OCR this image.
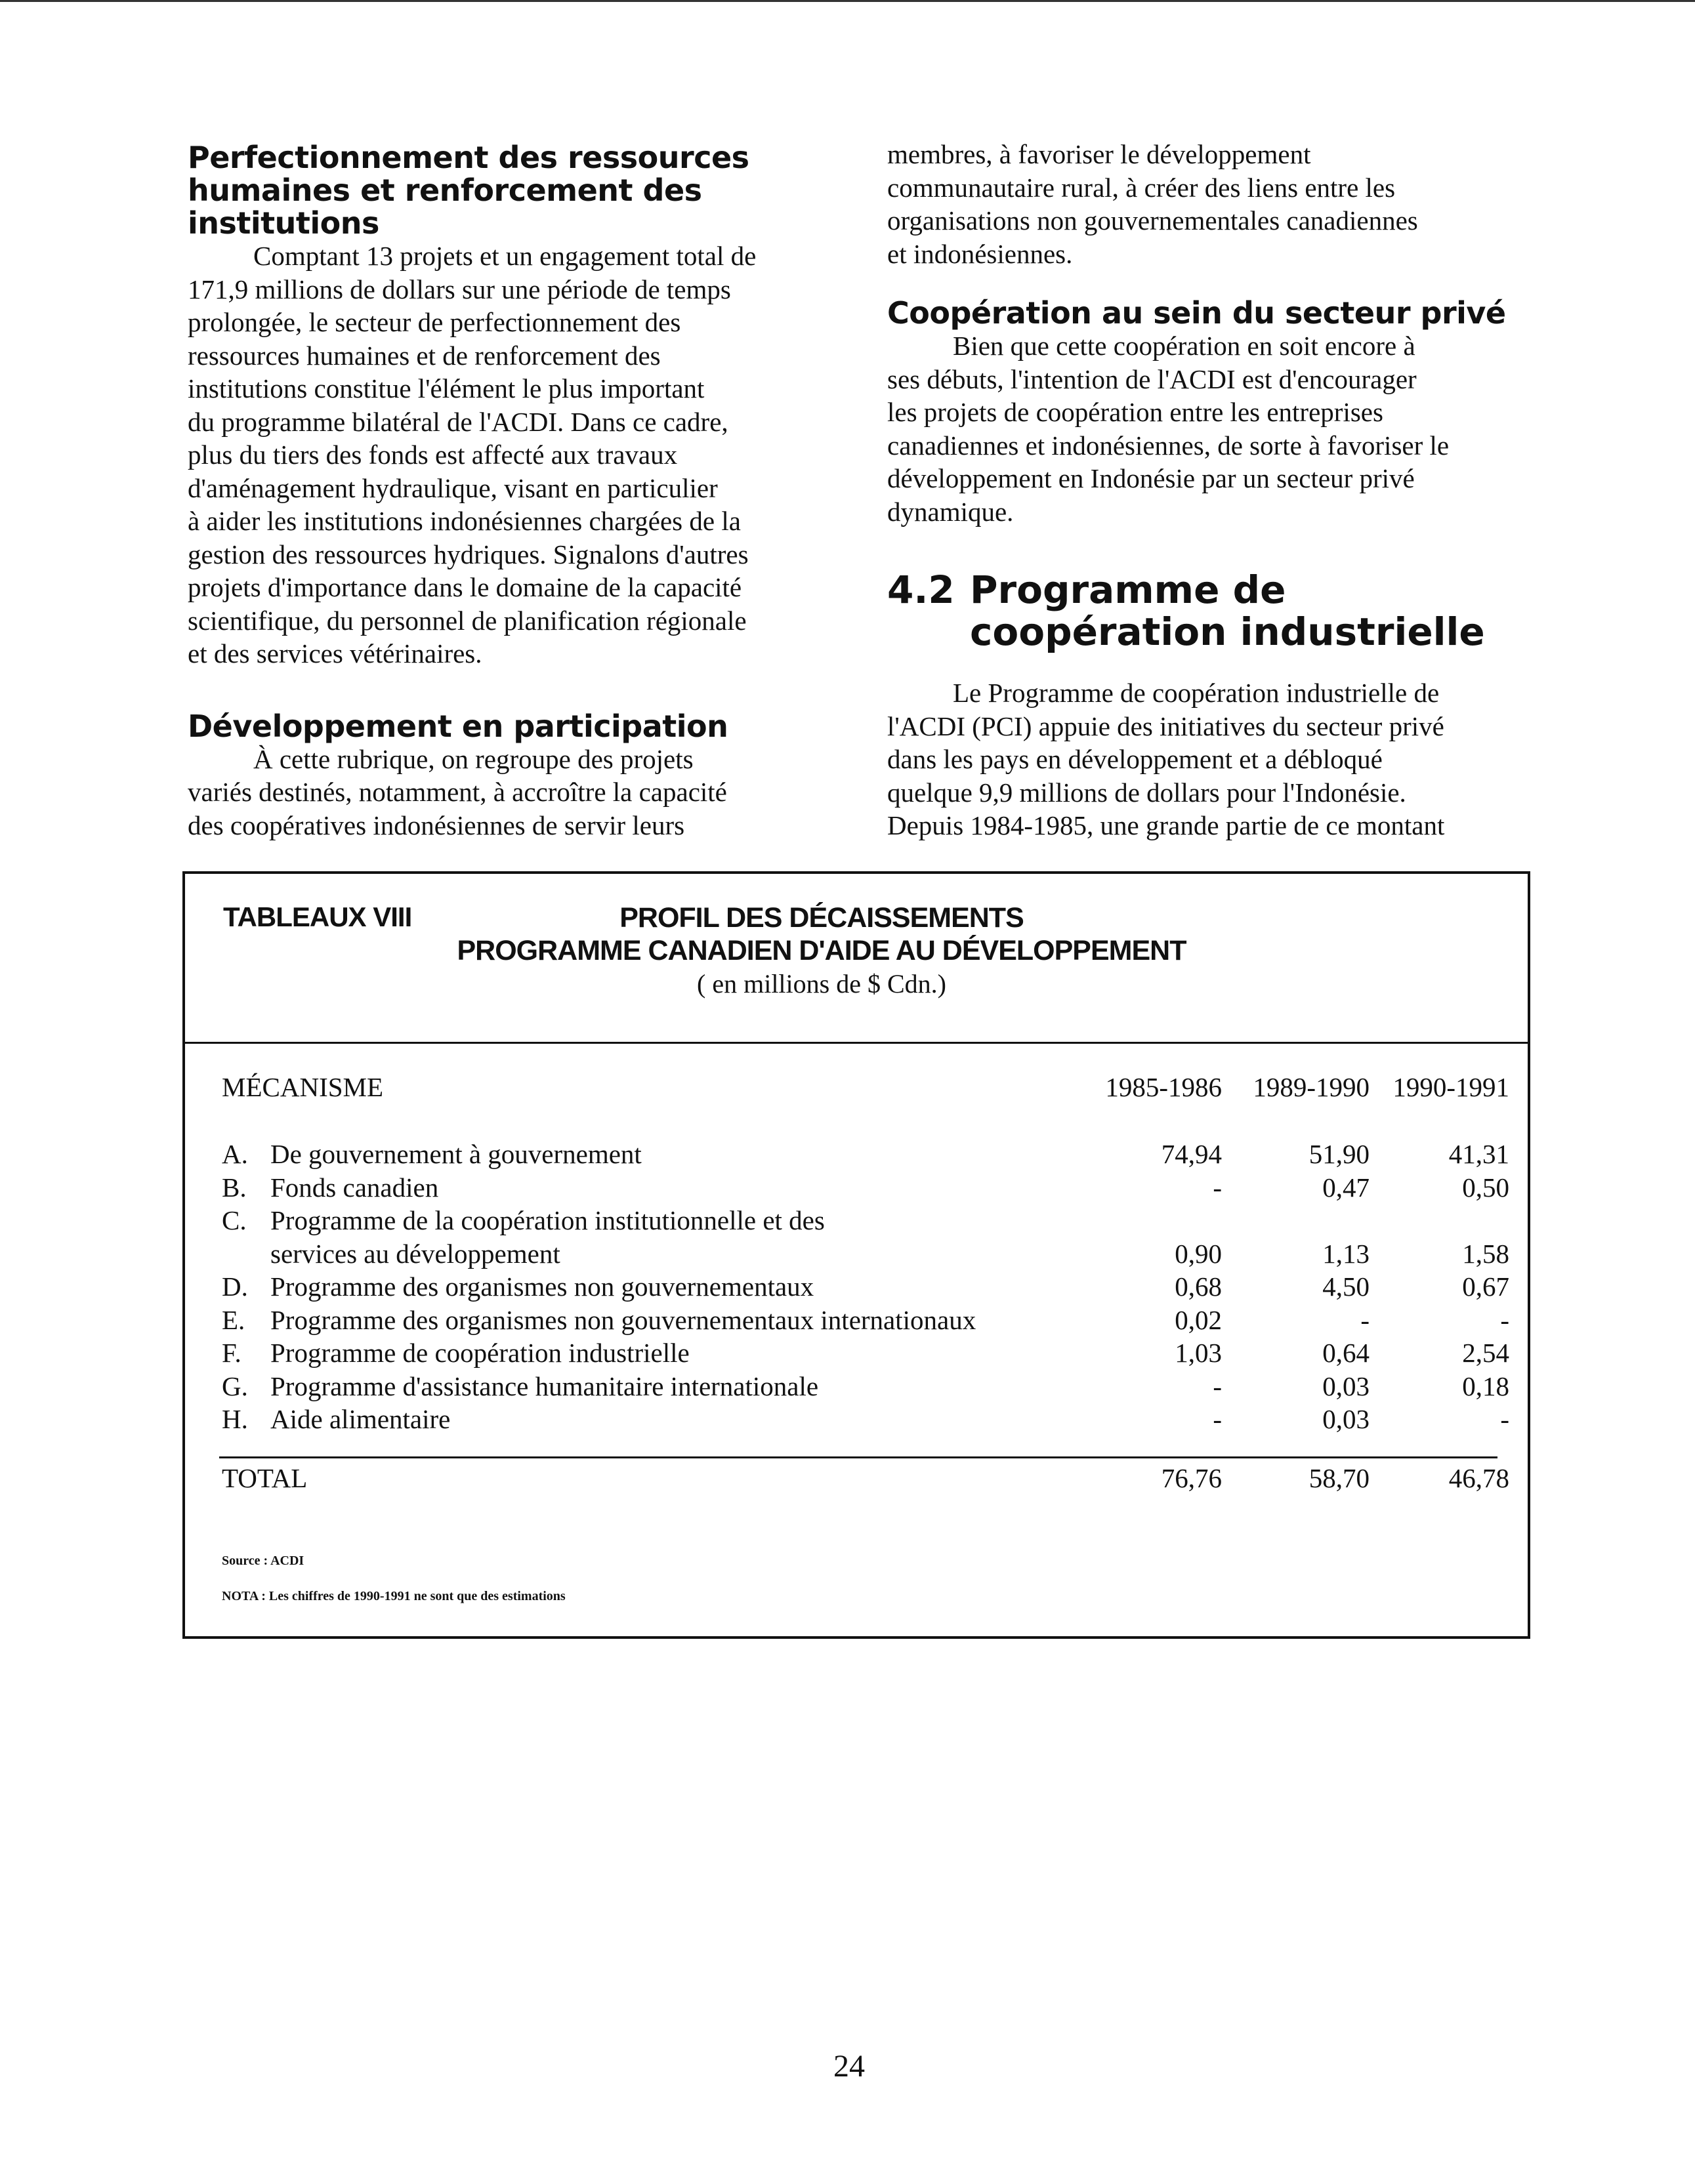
Perfectionnement des ressources
humaines et renforcement des
institutions
Comptant 13 projets et un engagement total de
171,9 millions de dollars sur une période de temps
prolongée, le secteur de perfectionnement des
ressources humaines et de renforcement des
institutions constitue l'élément le plus important
du programme bilatéral de l'ACDI. Dans ce cadre,
plus du tiers des fonds est affecté aux travaux
d'aménagement hydraulique, visant en particulier
à aider les institutions indonésiennes chargées de la
gestion des ressources hydriques. Signalons d'autres
projets d'importance dans le domaine de la capacité
scientifique, du personnel de planification régionale
et des services vétérinaires.
Développement en participation
À cette rubrique, on regroupe des projets
variés destinés, notamment, à accroître la capacité
des coopératives indonésiennes de servir leurs
membres, à favoriser le développement
communautaire rural, à créer des liens entre les
organisations non gouvernementales canadiennes
et indonésiennes.
Coopération au sein du secteur privé
Bien que cette coopération en soit encore à
ses débuts, l'intention de l'ACDI est d'encourager
les projets de coopération entre les entreprises
canadiennes et indonésiennes, de sorte à favoriser le
développement en Indonésie par un secteur privé
dynamique.
4.2 Programme de
coopération industrielle
Le Programme de coopération industrielle de
l'ACDI (PCI) appuie des initiatives du secteur privé
dans les pays en développement et a débloqué
quelque 9,9 millions de dollars pour l'Indonésie.
Depuis 1984-1985, une grande partie de ce montant
TABLEAUX VIII	PROFIL DES DÉCAISSEMENTS
PROGRAMME CANADIEN D'AIDE AU DÉVELOPPEMENT
( en millions de $ Cdn.)
MÉCANISME	1985-1986	1989-1990 1990-1991
TOTAL	76,76	58,70	46,78
Source : ACDI
NOTA : Les chiffres de 1990-1991 ne sont que des estimations
A. De gouvernement à gouvernement	74,94	51,90	41,31
B. Fonds canadien	-	0,47	0,50
C. Programme de la coopération institutionnelle et des
services au développement	0,90	1,13	1,58
D. Programme des organismes non gouvernementaux	0,68	4,50	0,67
E. Programme des organismes non gouvernementaux internationaux	0,02	-	-
F. Programme de coopération industrielle	1,03	0,64	2,54
G. Programme d'assistance humanitaire internationale	-	0,03	0,18
H. Aide alimentaire	-	0,03	-
24
